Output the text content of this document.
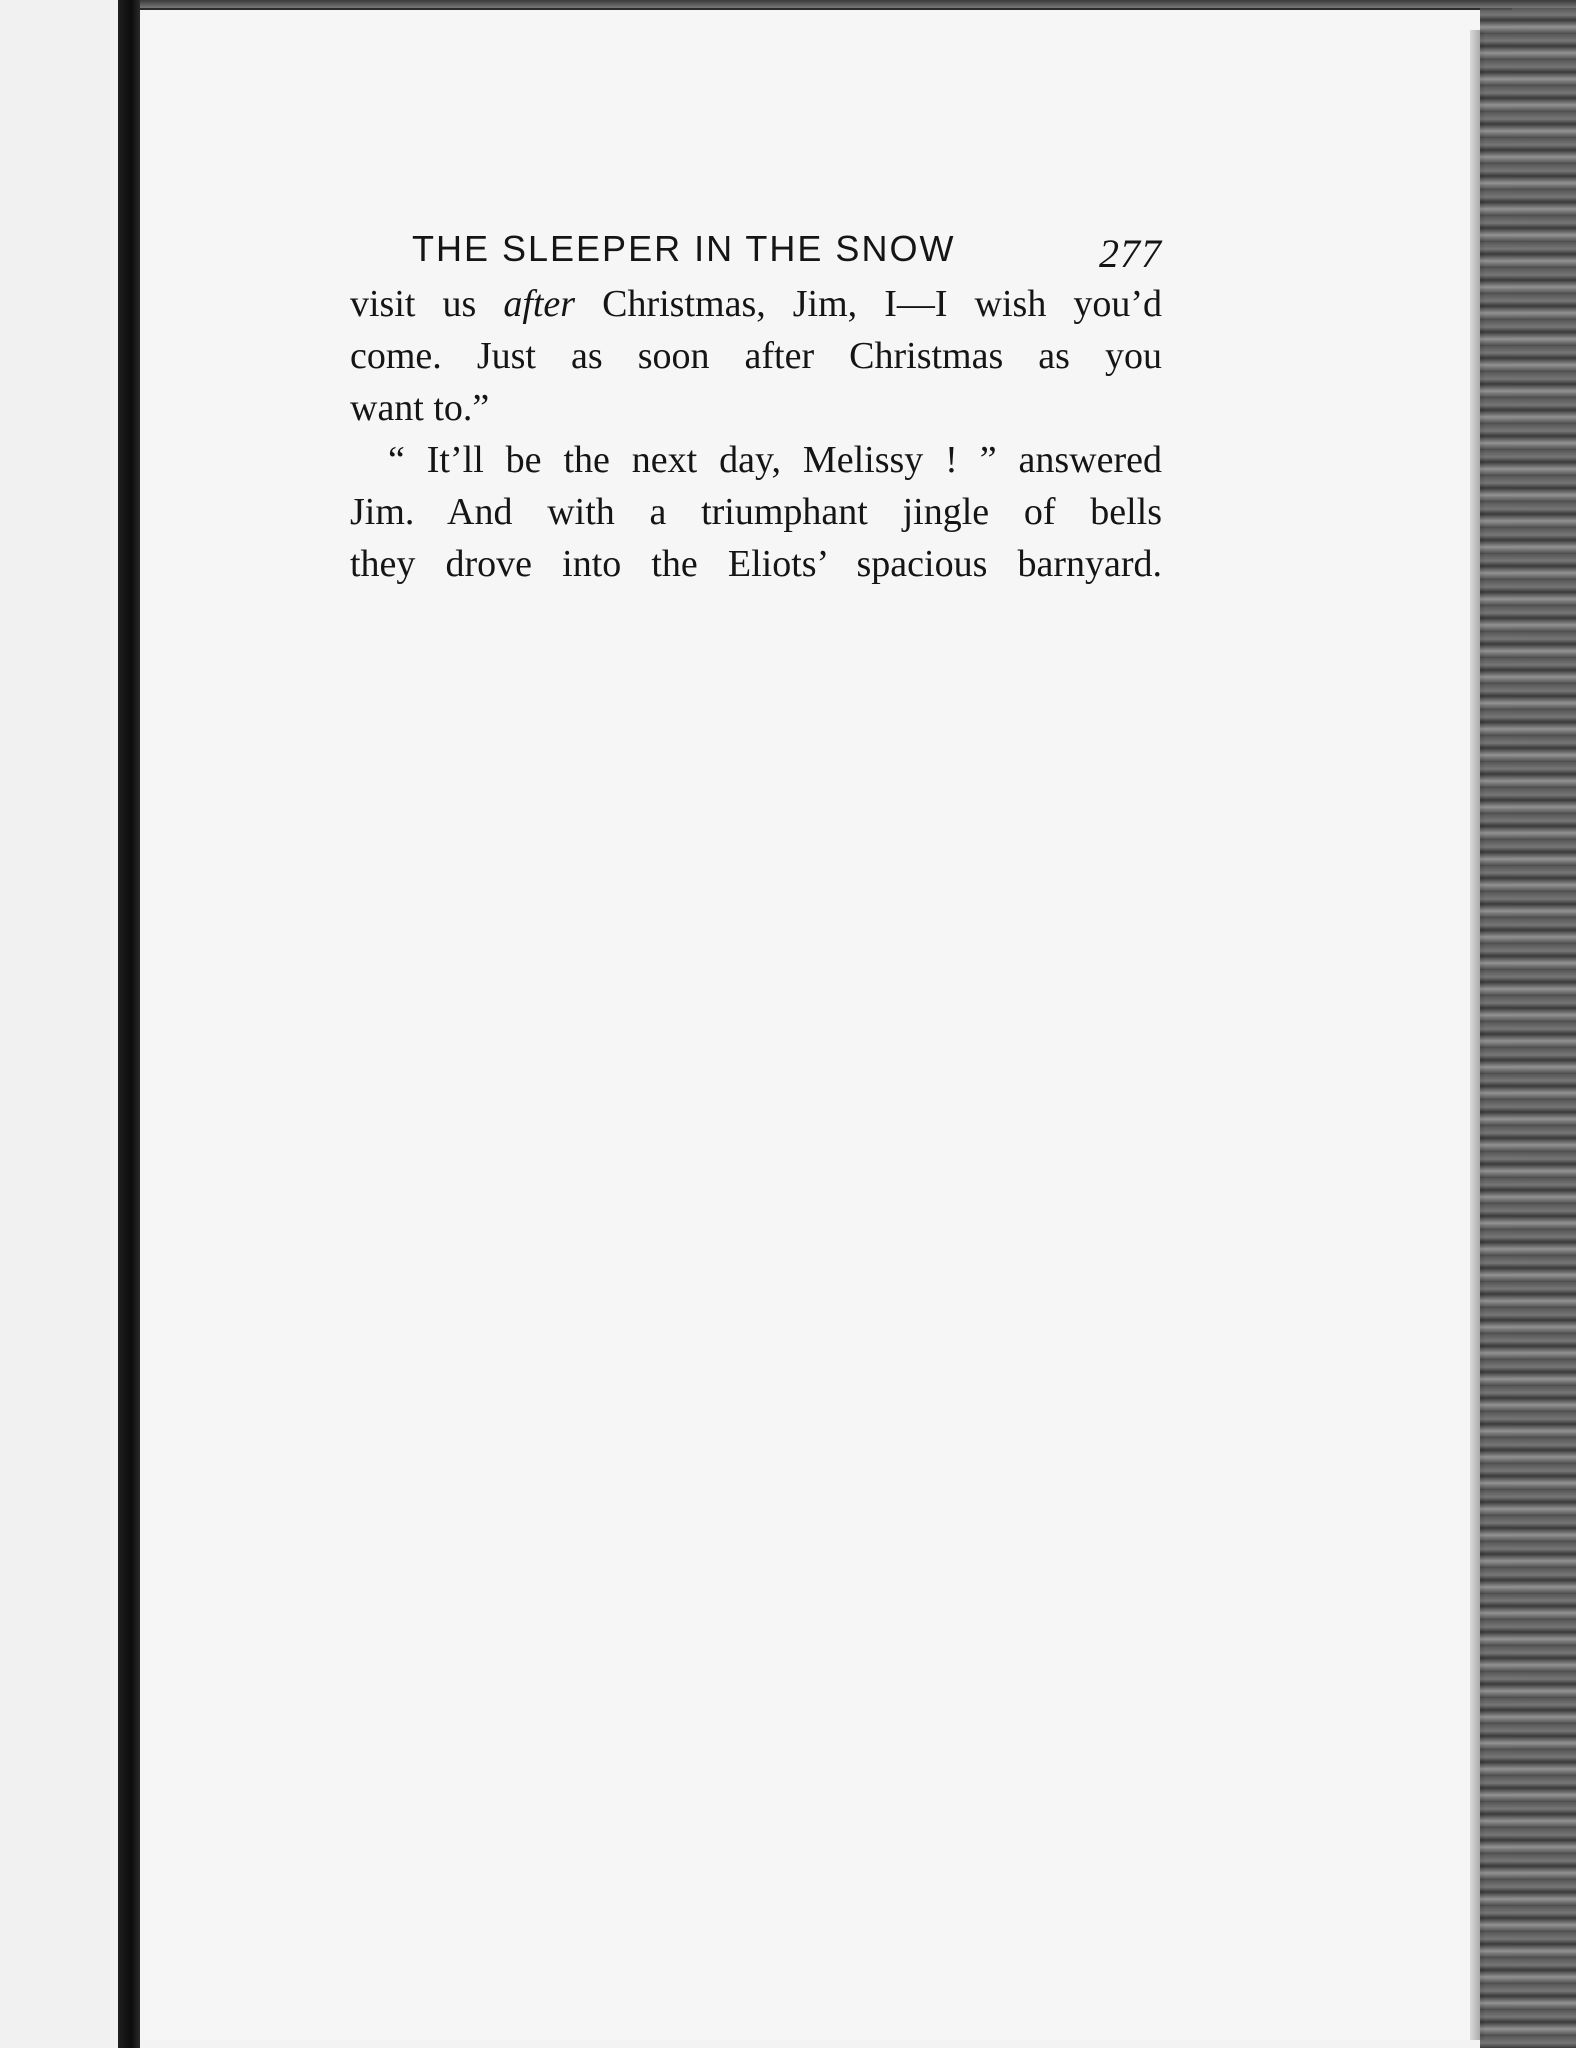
THE SLEEPER IN THE SNOW	277
visit us after Christmas, Jim, I—I wish you’d
come. Just as soon after Christmas as you
want to.”
“ It’ll be the next day, Melissy ! ” answered
Jim. And with a triumphant jingle of bells
they drove into the Eliots’ spacious barnyard.
